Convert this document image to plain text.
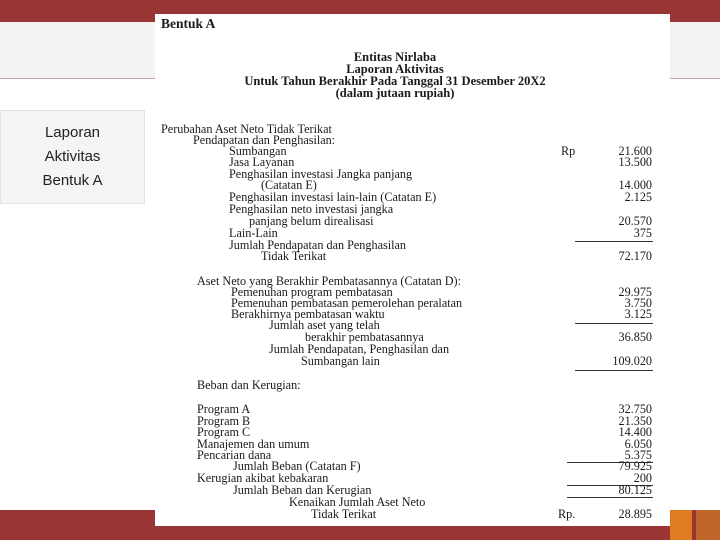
Laporan
Aktivitas
Bentuk A
Bentuk A
Entitas Nirlaba
Laporan Aktivitas
Untuk Tahun Berakhir Pada Tanggal 31 Desember 20X2
(dalam jutaan rupiah)
Perubahan Aset Neto Tidak Terikat
Pendapatan dan Penghasilan:
Sumbangan	Rp	21.600
Jasa Layanan	13.500
Penghasilan investasi Jangka panjang
(Catatan E)	14.000
Penghasilan investasi lain-lain (Catatan E)	2.125
Penghasilan neto investasi jangka
panjang belum direalisasi	20.570
Lain-Lain	375
Jumlah Pendapatan dan Penghasilan
Tidak Terikat	72.170
Aset Neto yang Berakhir Pembatasannya (Catatan D):
Pemenuhan program pembatasan	29.975
Pemenuhan pembatasan pemerolehan peralatan	3.750
Berakhirnya pembatasan waktu	3.125
Jumlah aset yang telah
berakhir pembatasannya	36.850
Jumlah Pendapatan, Penghasilan dan
Sumbangan lain	109.020
Beban dan Kerugian:
Program A	32.750
Program B	21.350
Program C	14.400
Manajemen dan umum	6.050
Pencarian dana	5.375
Jumlah Beban (Catatan F)	79.925
Kerugian akibat kebakaran	200
Jumlah Beban dan Kerugian	80.125
Kenaikan Jumlah Aset Neto
Tidak Terikat	Rp.	28.895
